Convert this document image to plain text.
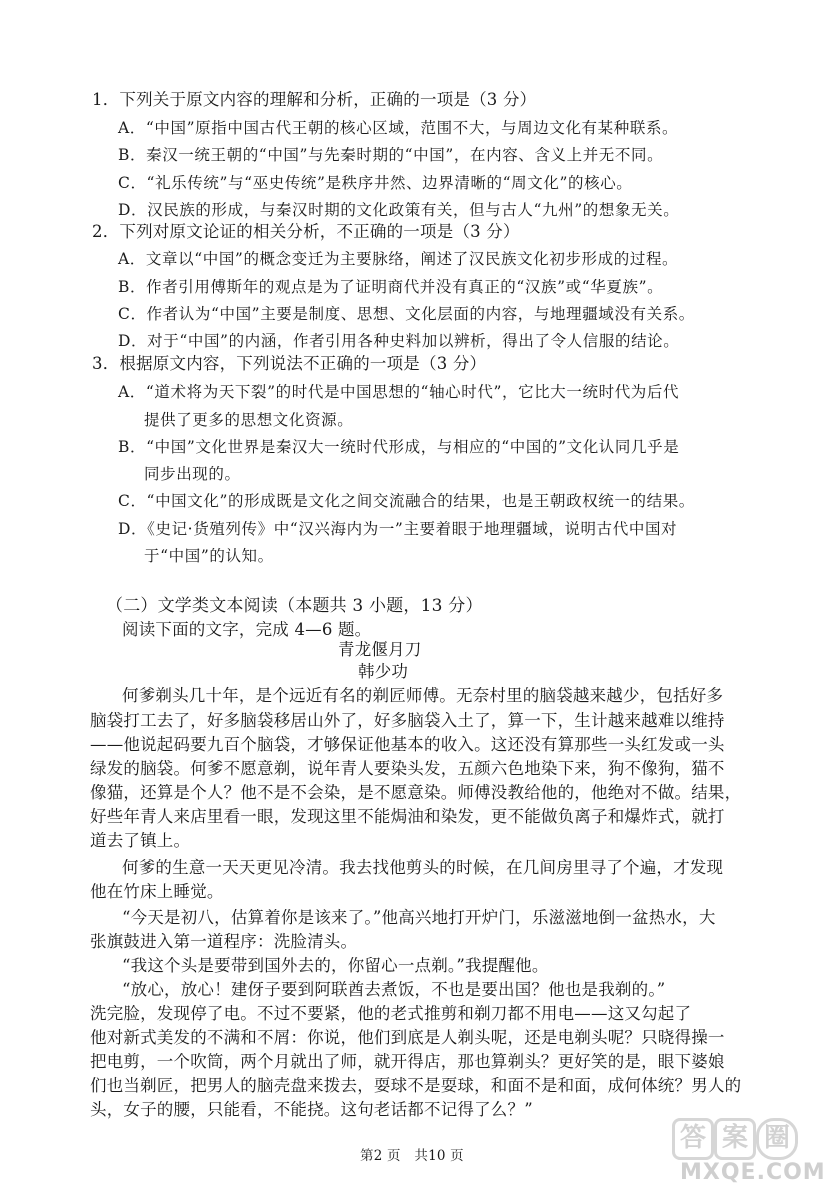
1．下列关于原文内容的理解和分析，正确的一项是（3 分）

A．“中国”原指中国古代王朝的核心区域，范围不大，与周边文化有某种联系。

B．秦汉一统王朝的“中国”与先秦时期的“中国”，在内容、含义上并无不同。

C．“礼乐传统”与“巫史传统”是秩序井然、边界清晰的“周文化”的核心。

D．汉民族的形成，与秦汉时期的文化政策有关，但与古人“九州”的想象无关。

2．下列对原文论证的相关分析，不正确的一项是（3 分）

A．文章以“中国”的概念变迁为主要脉络，阐述了汉民族文化初步形成的过程。

B．作者引用傅斯年的观点是为了证明商代并没有真正的“汉族”或“华夏族”。

C．作者认为“中国”主要是制度、思想、文化层面的内容，与地理疆域没有关系。

D．对于“中国”的内涵，作者引用各种史料加以辨析，得出了令人信服的结论。

3．根据原文内容，下列说法不正确的一项是（3 分）

A．“道术将为天下裂”的时代是中国思想的“轴心时代”，它比大一统时代为后代

提供了更多的思想文化资源。

B．“中国”文化世界是秦汉大一统时代形成，与相应的“中国的”文化认同几乎是

同步出现的。

C．“中国文化”的形成既是文化之间交流融合的结果，也是王朝政权统一的结果。

D．《史记·货殖列传》中“汉兴海内为一”主要着眼于地理疆域，说明古代中国对

于“中国”的认知。

（二）文学类文本阅读（本题共 3 小题，13 分）

阅读下面的文字，完成 4—6 题。

青龙偃月刀

韩少功

何爹剃头几十年，是个远近有名的剃匠师傅。无奈村里的脑袋越来越少，包括好多

脑袋打工去了，好多脑袋移居山外了，好多脑袋入土了，算一下，生计越来越难以维持

——他说起码要九百个脑袋，才够保证他基本的收入。这还没有算那些一头红发或一头

绿发的脑袋。何爹不愿意剃，说年青人要染头发，五颜六色地染下来，狗不像狗，猫不

像猫，还算是个人？他不是不会染，是不愿意染。师傅没教给他的，他绝对不做。结果，

好些年青人来店里看一眼，发现这里不能焗油和染发，更不能做负离子和爆炸式，就打

道去了镇上。

何爹的生意一天天更见冷清。我去找他剪头的时候，在几间房里寻了个遍，才发现

他在竹床上睡觉。

“今天是初八，估算着你是该来了。”他高兴地打开炉门，乐滋滋地倒一盆热水，大

张旗鼓进入第一道程序：洗脸清头。

“我这个头是要带到国外去的，你留心一点剃。”我提醒他。

“放心，放心！建伢子要到阿联酋去煮饭，不也是要出国？他也是我剃的。”

洗完脸，发现停了电。不过不要紧，他的老式推剪和剃刀都不用电——这又勾起了

他对新式美发的不满和不屑：你说，他们到底是人剃头呢，还是电剃头呢？只晓得操一

把电剪，一个吹筒，两个月就出了师，就开得店，那也算剃头？更好笑的是，眼下婆娘

们也当剃匠，把男人的脑壳盘来拨去，耍球不是耍球，和面不是和面，成何体统？男人的

头，女子的腰，只能看，不能挠。这句老话都不记得了么？”

第2 页　共10 页

答 案 圈
MXQE.COM
